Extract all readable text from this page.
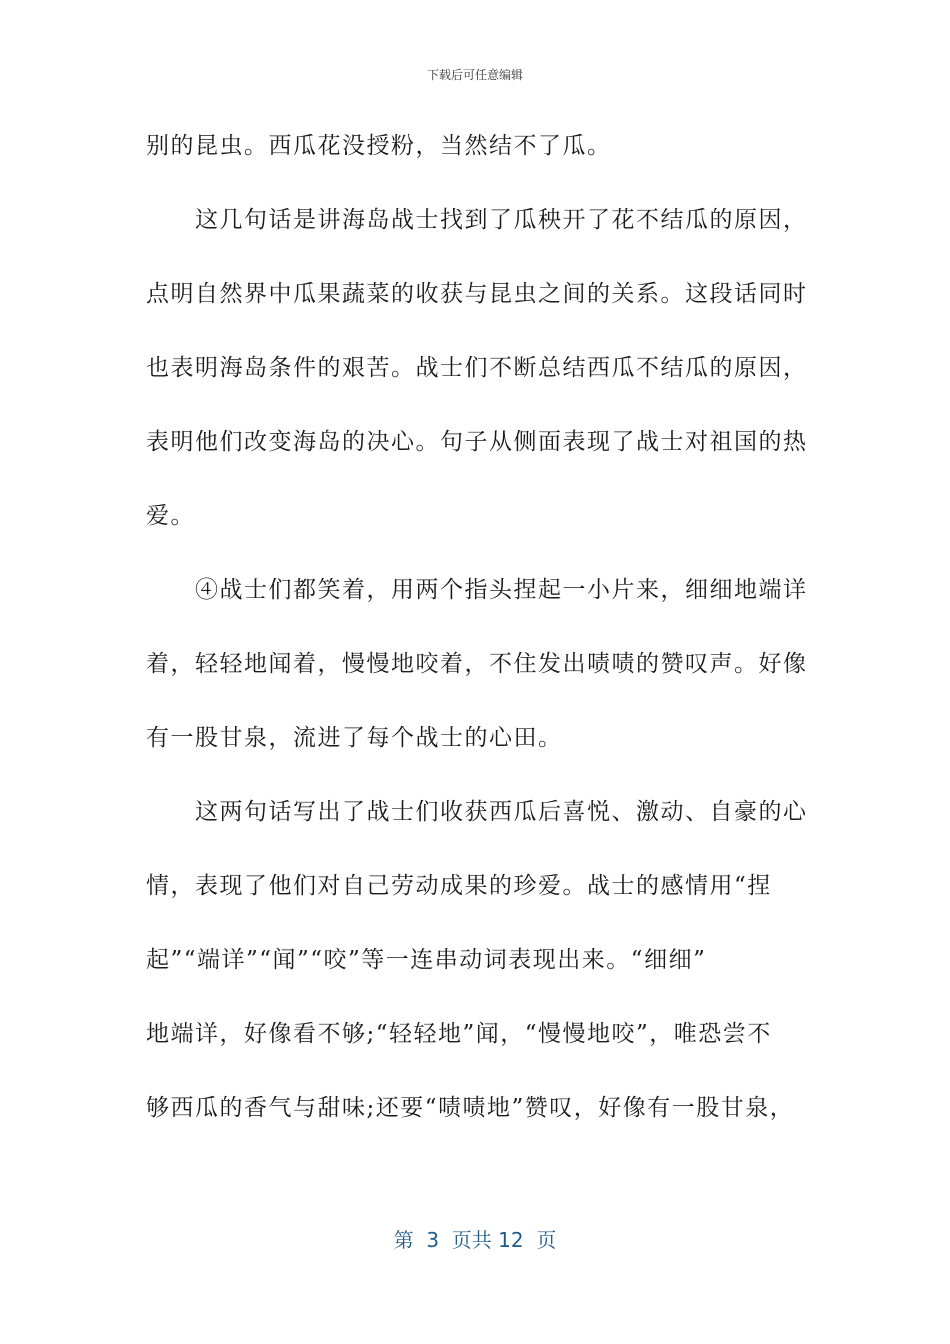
下载后可任意编辑
别的昆虫。西瓜花没授粉，当然结不了瓜。
　　这几句话是讲海岛战士找到了瓜秧开了花不结瓜的原因，
点明自然界中瓜果蔬菜的收获与昆虫之间的关系。这段话同时
也表明海岛条件的艰苦。战士们不断总结西瓜不结瓜的原因，
表明他们改变海岛的决心。句子从侧面表现了战士对祖国的热
爱。
　　④战士们都笑着，用两个指头捏起一小片来，细细地端详
着，轻轻地闻着，慢慢地咬着，不住发出啧啧的赞叹声。好像
有一股甘泉，流进了每个战士的心田。
　　这两句话写出了战士们收获西瓜后喜悦、激动、自豪的心
情，表现了他们对自己劳动成果的珍爱。战士的感情用“捏
起”“端详”“闻”“咬”等一连串动词表现出来。“细细”
地端详，好像看不够;“轻轻地”闻，“慢慢地咬”，唯恐尝不
够西瓜的香气与甜味;还要“啧啧地”赞叹，好像有一股甘泉，
第  3  页共 12  页
